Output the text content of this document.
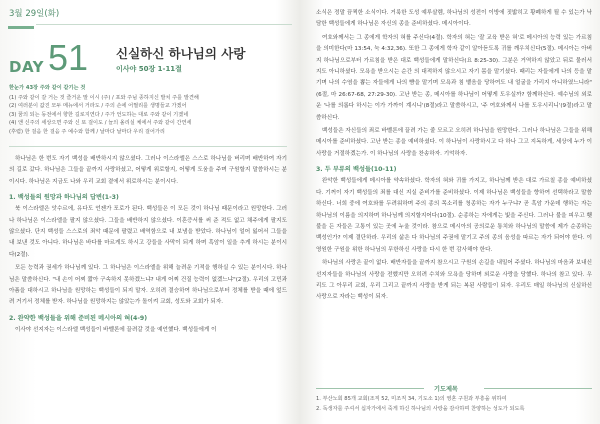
3월 29일(화)
DAY 51 신실하신 하나님의 사랑
이사야 50장 1-11절
한눈가 43장 주와 같이 같기는 것
(1) 주와 같이 갈 거는 것 즐거운 말 이시 (주) / 포와 주님 종하지신 발치 주를 발견해
(2) 여러분이 값진 모두 메뉴에서 거라도 / 주의 손에 어쩔리를 생명들교 가겠어
(3) 꿈의 되는 동전에서 향한 길로지연다 / 주가 언도하는 대로 주와 같이 기겠네
(4) 앤 신주의 세상으면 주와 신 또 걸이도 / 늘의 올리실 체에서 주와 같이 간연세
(후렴) 한 걸음 한 걸음 주 예수와 함께 / 날마다 날마다 우리 걸어가리

하나님은 한 번도 자기 백성을 배반하시지 않으셨다. 그러나 이스라엘은 스스로 하나님을 버리며 배반하여 자기의 길로 갔다. 하나님은 그들을 끝까지 사랑하셨고, 어떻게 위로할지, 어떻게 도움을 주며 구원할지 말씀하시는 분이시다. 하나님은 지금도 나와 우리 교회 곁에서 위로하시는 분이시다.

1. 백성들의 원망과 하나님의 답변(1-3)

북 이스라엘은 앗수르에, 유다도 언젠가 포로가 된다. 백성들은 이 모든 것이 하나님 때문이라고 원망한다. 그러나 하나님은 이스라엘을 팔지 않으셨다. 그들을 배반하지 않으셨다. 이혼증서를 써 준 적도 없고 채주에게 팔지도 않으셨다. 단지 백성들 스스로의 죄악 때문에 팔렸고 배역함으로 내 보냄을 받았다. 하나님이 얼어 잃어서 그들을 내 보낸 것도 아니다. 하나님은 바다를 마르게도 하시고 강들을 사막이 되게 하며 흑암이 일을 추게 하시는 분이시다(2절).

모든 능력과 권세가 하나님께 있다. 그 하나님은 이스라엘을 위해 늘려운 기적을 행하실 수 있는 분이시다. 하나님은 말씀하신다. "내 손이 어찌 짧아 구속하지 못하겠느냐? 내게 어찌 건질 능력이 없겠느냐"(2절). 우리의 고민과 아픔을 대하시고 하나님을 원망하는 백성들이 되지 말자. 오히려 결승하여 하나님으로부터 정체를 받을 때에 엎드려 거기서 정체를 받자. 하나님을 원망하지는 않았는가 돌이켜 교회, 성도와 교회가 되자.

2. 완약한 백성들을 위해 준비된 메시아의 혀(4-9)

이사야 선지자는 이스라엘 백성들이 바벨론에 끌려갈 것을 예언했다. 백성들에게 이

소식은 정말 끔찍한 소식이다. 거룩한 도성 예루살렘, 하나님의 성전이 이방에 짓밟히고 황폐하게 될 수 있는가 낙담한 백성들에게 하나님은 자신의 종을 준비하셨다. 메시아이다.

여호와께서는 그 종에게 학자의 혀를 주신다(4절). 학자의 혀는 '잘 교육 받은 혀'로 메시아의 능력 있는 가르침을 의미한다(마 13:54, 눅 4:32,36). 또한 그 종에게 학자 같이 알아듣도록 귀를 깨우치신다(5절). 메시아는 아버지 하나님으로부터 가르침을 받은 대로 백성들에게 말하신다(요 8:25-30). 그분은 거역하지 않았고 뒤로 물러서지도 아니하셨다. 모욕을 받으시는 순간 의 대적하지 않으시고 자기 몸을 맡기셨다. 때리는 자들에게 나의 등을 맡기며 나의 수염을 뽑는 자들에게 나의 뺨을 맡기며 모욕과 침 뱉음을 당하여도 내 얼굴을 가리지 아니하였느니라"(6절, 마 26:67-68, 27:29-30). 고난 받는 종, 메시아를 하나님이 어떻게 도우실까? 함께하신다. 예수님의 외로운 '나를 의롭다 하시는 이가 가까이 계시니'(8절)라고 말씀하시고, '주 여호와께서 나를 도우시리니'(9절)라고 말씀하신다.

백성들은 자신들의 죄로 바벨론에 끌려 가는 줄 모르고 오히려 하나님을 원망한다. 그러나 하나님은 그들을 위해 메시아를 준비하셨다. 고난 받는 종을 예비하셨다. 이 하나님이 사랑하시고 다 하나 그고 지독하게, 세상에 누가 이 사랑을 거절하겠는가. 이 하나님의 사랑을 찬송하자. 기억하자.

3. 두 부류의 백성들(10-11)

완악한 백성들에게 메시아를 약속하셨다. 학자의 혀와 귀를 가지고, 하나님께 받은 대로 가르칠 종을 예비하셨다. 기꺼이 자기 백성들의 죄를 대신 지실 준비가를 준비하셨다. 이제 하나님은 백성들을 향하여 선택하라고 말씀하신다. 너희 중에 여호와를 두려워하며 주의 종의 목소리를 청종하는 자가 누구냐? 곧 흑암 가운데 행하는 자는 하나님의 이름을 의지하며 하나님께 의지할지어다(10절). 순종하는 자에게는 빛을 주신다. 그러나 불을 피우고 횃불을 든 자들은 고통이 있는 곳에 누울 것이라. 참으로 메시아의 공의로운 통치와 하나님의 말씀에 제가 순종하는 백성인가? 이제 결단하라. 우리의 삶은 다 하나님의 주권에 맡기고 주의 종의 음성을 따르는 자가 되어야 한다. 이 영원한 구원을 위한 하나님의 무한하신 사랑을 다시 한 번 감사해야 한다.

하나님의 사랑은 끝이 없다. 배반자들을 끝까지 참으시고 구원의 손길을 내밀어 주셨다. 하나님의 마음과 보내신 선지자들을 하나님의 사랑을 전했지만 오히려 수치와 모욕을 당하며 외로운 사랑을 당했다. 하나의 참고 있다. 우리도 그 아무리 교회, 우리 그리고 끝까지 사랑을 받게 되는 복된 사람들이 되자. 우리도 매일 하나님의 신실하신 사랑으로 자라는 백성이 되자.

기도제목
1. 부산노회 85개 교회(조직 52, 미조직 34, 기도소 1)의 영혼 구원과 부흥을 위하여
2. 독생자를 주셔서 십자가에서 죽게 하신 하나님의 사랑을 감사하며 찬양하는 성도가 되도록
